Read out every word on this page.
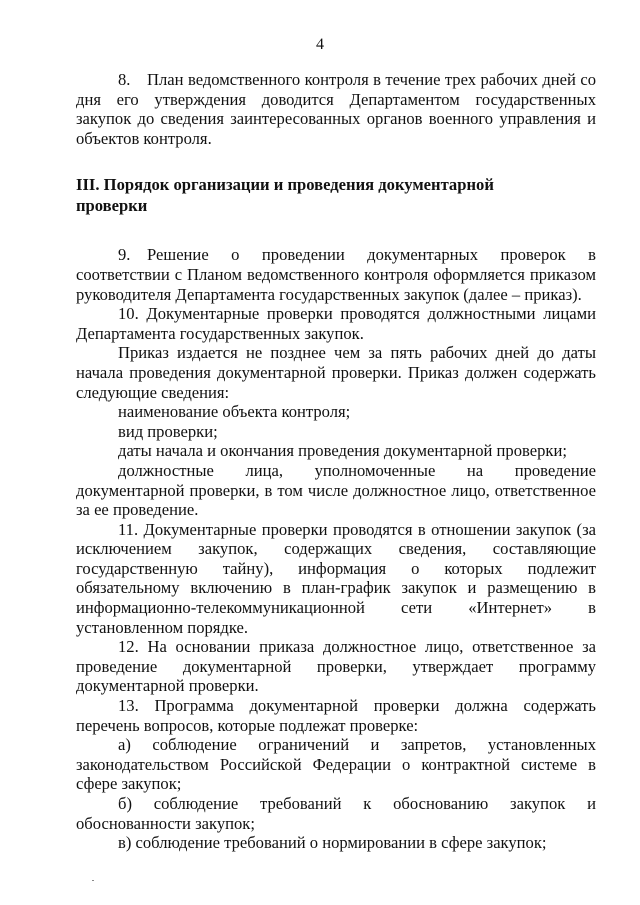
4

8. План ведомственного контроля в течение трех рабочих дней со дня его утверждения доводится Департаментом государственных закупок до сведения заинтересованных органов военного управления и объектов контроля.

III. Порядок организации и проведения документарной
проверки

9. Решение о проведении документарных проверок в соответствии с Планом ведомственного контроля оформляется приказом руководителя Департамента государственных закупок (далее – приказ).

10. Документарные проверки проводятся должностными лицами Департамента государственных закупок.

Приказ издается не позднее чем за пять рабочих дней до даты начала проведения документарной проверки. Приказ должен содержать следующие сведения:

наименование объекта контроля;

вид проверки;

даты начала и окончания проведения документарной проверки;

должностные лица, уполномоченные на проведение документарной проверки, в том числе должностное лицо, ответственное за ее проведение.

11. Документарные проверки проводятся в отношении закупок (за исключением закупок, содержащих сведения, составляющие государственную тайну), информация о которых подлежит обязательному включению в план-график закупок и размещению в информационно-телекоммуникационной сети «Интернет» в установленном порядке.

12. На основании приказа должностное лицо, ответственное за проведение документарной проверки, утверждает программу документарной проверки.

13. Программа документарной проверки должна содержать перечень вопросов, которые подлежат проверке:

а) соблюдение ограничений и запретов, установленных законодательством Российской Федерации о контрактной системе в сфере закупок;

б) соблюдение требований к обоснованию закупок и обоснованности закупок;

в) соблюдение требований о нормировании в сфере закупок;
